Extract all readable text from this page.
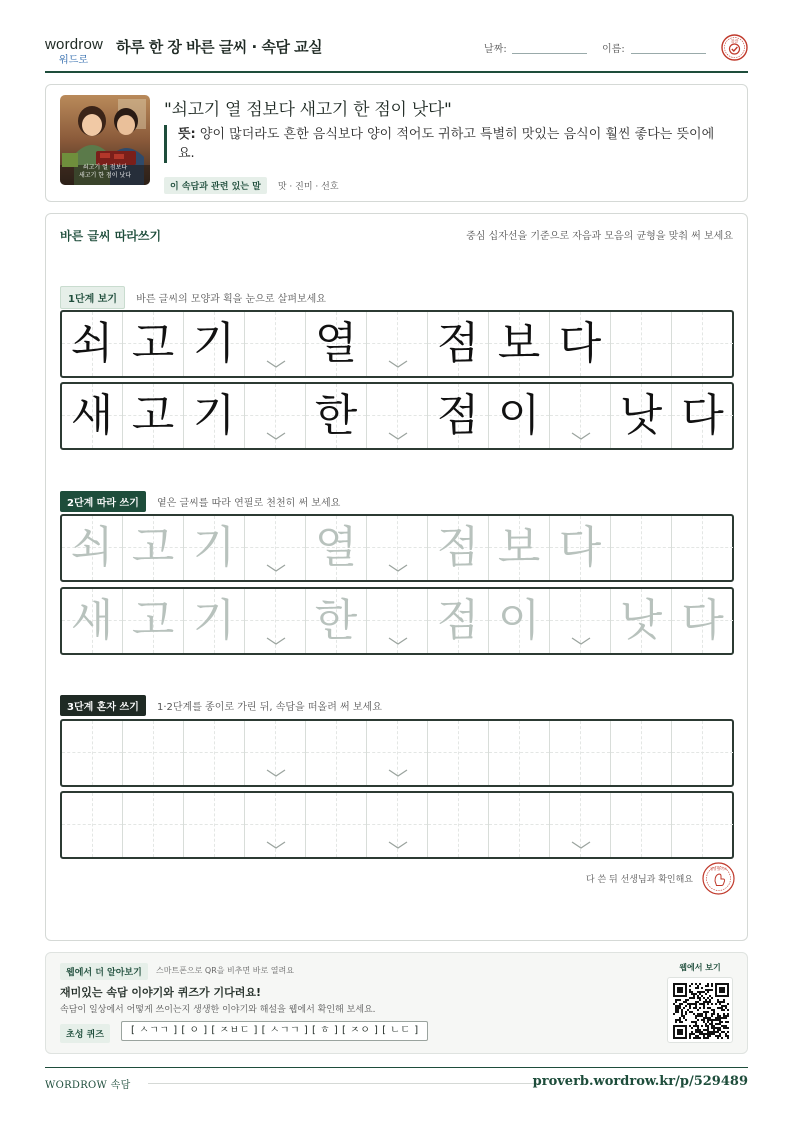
wordrow
워드로
하루 한 장 바른 글씨 · 속담 교실	날짜:	이름:
참잘
쇠고기 열 점보다
새고기 한 점이 낫다
"쇠고기 열 점보다 새고기 한 점이 낫다"
뜻: 양이 많더라도 흔한 음식보다 양이 적어도 귀하고 특별히 맛있는 음식이 훨씬 좋다는 뜻이에요.
이 속담과 관련 있는 말 맛 · 진미 · 선호
바른 글씨 따라쓰기	중심 십자선을 기준으로 자음과 모음의 균형을 맞춰 써 보세요
1단계 보기 바른 글씨의 모양과 획을 눈으로 살펴보세요
쇠 고 기 열 점 보 다
새 고 기 한 점 이 낫 다
2단계 따라 쓰기 옅은 글씨를 따라 연필로 천천히 써 보세요
쇠 고 기 열 점 보 다
새 고 기 한 점 이 낫 다
3단계 혼자 쓰기 1·2단계를 종이로 가린 뒤, 속담을 떠올려 써 보세요
다 쓴 뒤 선생님과 확인해요
참잘했어요
웹에서 더 알아보기	스마트폰으로 QR을 비추면 바로 열려요
재미있는 속담 이야기와 퀴즈가 기다려요!
속담이 일상에서 어떻게 쓰이는지 생생한 이야기와 해설을 웹에서 확인해 보세요.
초성 퀴즈	[ ㅅㄱㄱ ] [ ㅇ ] [ ㅈㅂㄷ ] [ ㅅㄱㄱ ] [ ㅎ ] [ ㅈㅇ ] [ ㄴㄷ ]
웹에서 보기
WORDROW 속담	proverb.wordrow.kr/p/529489
